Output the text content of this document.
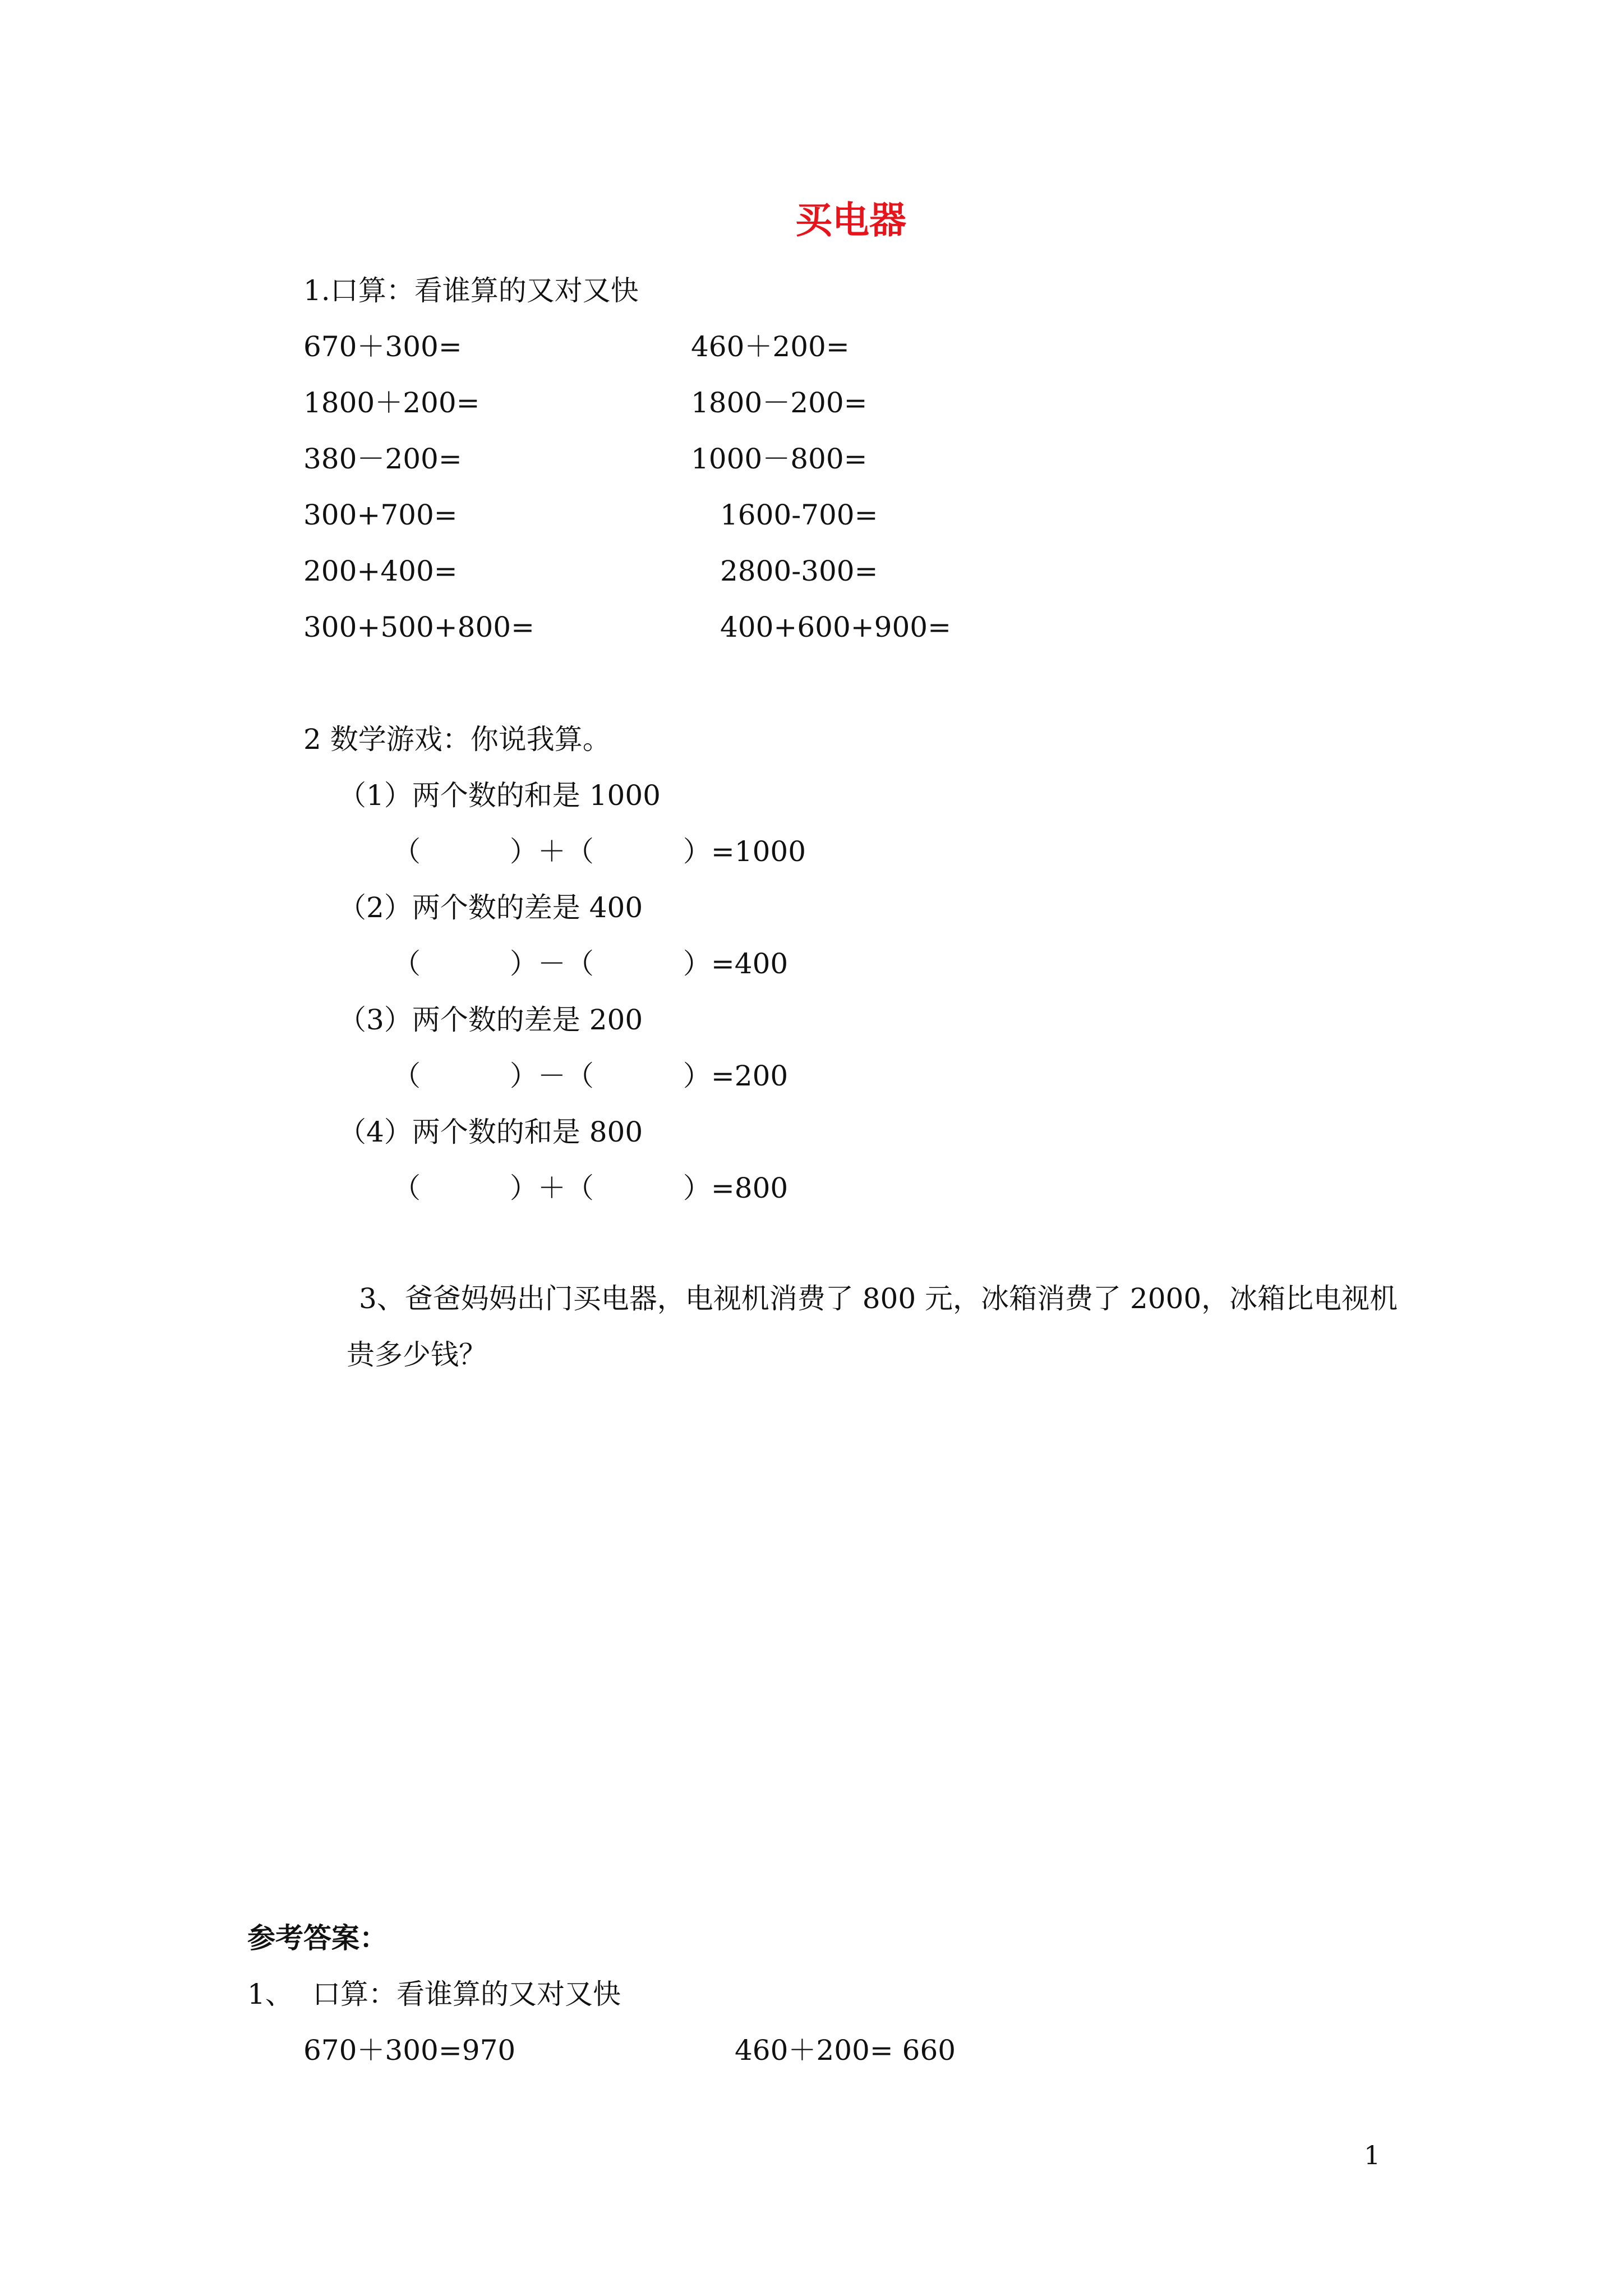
买电器
1.口算：看谁算的又对又快
670＋300=	460＋200=
1800＋200=	1800－200=
380－200=	1000－800=
300+700=	1600-700=
200+400=	2800-300=
300+500+800=	400+600+900=
2 数学游戏：你说我算。
（1）两个数的和是 1000
（          ）＋（          ）=1000
（2）两个数的差是 400
（          ）－（          ）=400
（3）两个数的差是 200
（          ）－（          ）=200
（4）两个数的和是 800
（          ）＋（          ）=800
3、爸爸妈妈出门买电器，电视机消费了 800 元，冰箱消费了 2000，冰箱比电视机
贵多少钱？
参考答案：
1、 口算：看谁算的又对又快
670＋300=970	460＋200= 660
1
